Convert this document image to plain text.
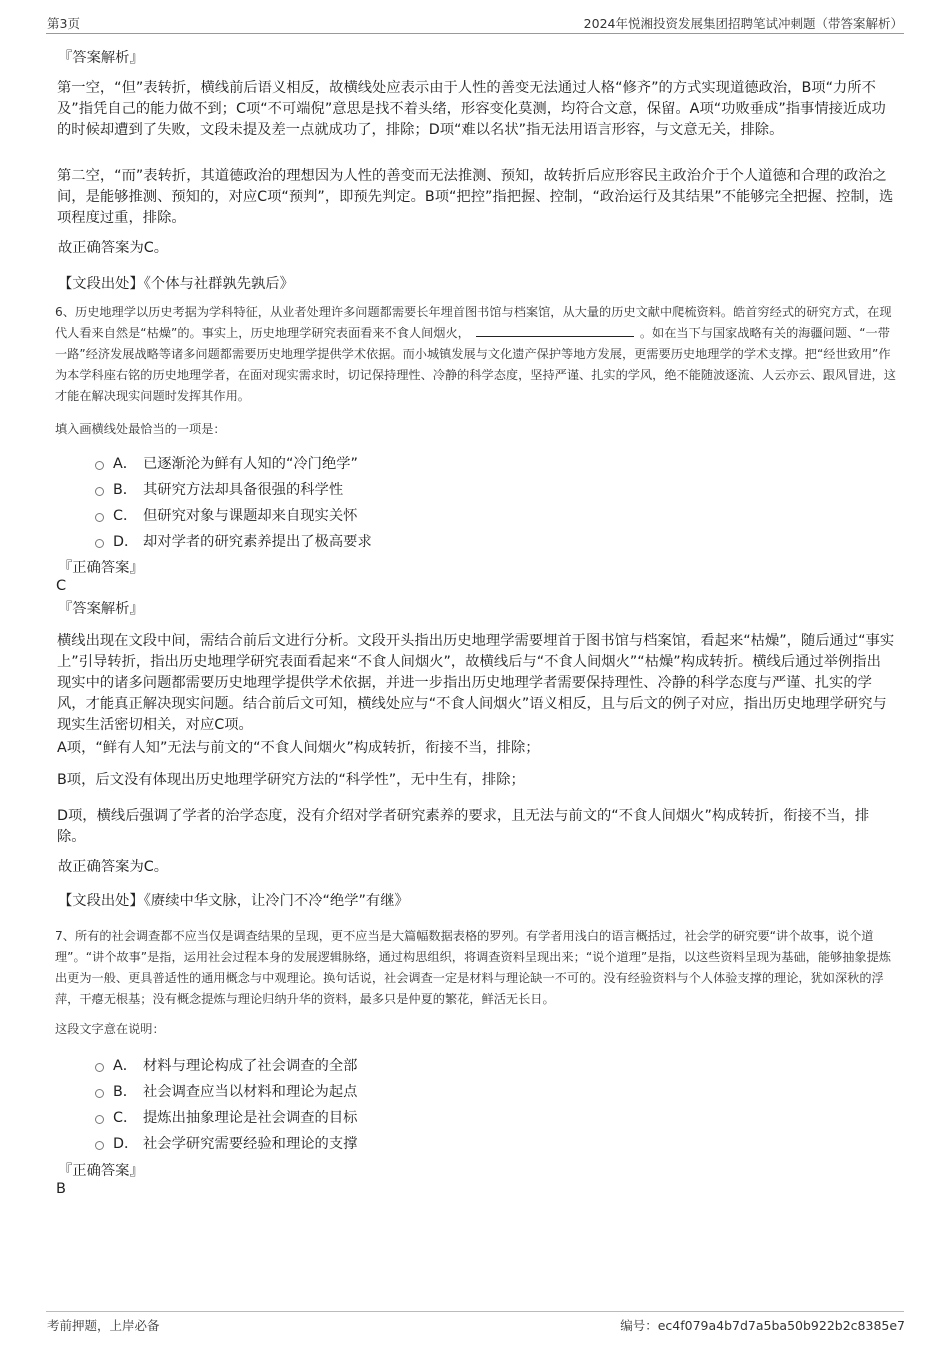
第3页	2024年悦湘投资发展集团招聘笔试冲刺题（带答案解析）
『答案解析』

第一空，“但”表转折，横线前后语义相反，故横线处应表示由于人性的善变无法通过人格“修齐”的方式实现道德政治，B项“力所不及”指凭自己的能力做不到；C项“不可端倪”意思是找不着头绪，形容变化莫测，均符合文意，保留。A项“功败垂成”指事情接近成功的时候却遭到了失败，文段未提及差一点就成功了，排除；D项“难以名状”指无法用语言形容，与文意无关，排除。

第二空，“而”表转折，其道德政治的理想因为人性的善变而无法推测、预知，故转折后应形容民主政治介于个人道德和合理的政治之间，是能够推测、预知的，对应C项“预判”，即预先判定。B项“把控”指把握、控制，“政治运行及其结果”不能够完全把握、控制，选项程度过重，排除。

故正确答案为C。
【文段出处】《个体与社群孰先孰后》

6、历史地理学以历史考据为学科特征，从业者处理许多问题都需要长年埋首图书馆与档案馆，从大量的历史文献中爬梳资料。皓首穷经式的研究方式，在现代人看来自然是“枯燥”的。事实上，历史地理学研究表面看来不食人间烟火，	。如在当下与国家战略有关的海疆问题、“一带一路”经济发展战略等诸多问题都需要历史地理学提供学术依据。而小城镇发展与文化遗产保护等地方发展，更需要历史地理学的学术支撑。把“经世致用”作为本学科座右铭的历史地理学者，在面对现实需求时，切记保持理性、冷静的科学态度，坚持严谨、扎实的学风，绝不能随波逐流、人云亦云、跟风冒进，这才能在解决现实问题时发挥其作用。

填入画横线处最恰当的一项是：
A． 已逐渐沦为鲜有人知的“冷门绝学”
B． 其研究方法却具备很强的科学性
C． 但研究对象与课题却来自现实关怀
D． 却对学者的研究素养提出了极高要求
『正确答案』
C
『答案解析』

横线出现在文段中间，需结合前后文进行分析。文段开头指出历史地理学需要埋首于图书馆与档案馆，看起来“枯燥”，随后通过“事实上”引导转折，指出历史地理学研究表面看起来“不食人间烟火”，故横线后与“不食人间烟火”“枯燥”构成转折。横线后通过举例指出现实中的诸多问题都需要历史地理学提供学术依据，并进一步指出历史地理学者需要保持理性、冷静的科学态度与严谨、扎实的学风，才能真正解决现实问题。结合前后文可知，横线处应与“不食人间烟火”语义相反，且与后文的例子对应，指出历史地理学研究与现实生活密切相关，对应C项。

A项，“鲜有人知”无法与前文的“不食人间烟火”构成转折，衔接不当，排除；

B项，后文没有体现出历史地理学研究方法的“科学性”，无中生有，排除；

D项，横线后强调了学者的治学态度，没有介绍对学者研究素养的要求，且无法与前文的“不食人间烟火”构成转折，衔接不当，排除。

故正确答案为C。
【文段出处】《赓续中华文脉，让冷门不冷“绝学”有继》

7、所有的社会调查都不应当仅是调查结果的呈现，更不应当是大篇幅数据表格的罗列。有学者用浅白的语言概括过，社会学的研究要“讲个故事，说个道理”。“讲个故事”是指，运用社会过程本身的发展逻辑脉络，通过构思组织，将调查资料呈现出来；“说个道理”是指，以这些资料呈现为基础，能够抽象提炼出更为一般、更具普适性的通用概念与中观理论。换句话说，社会调查一定是材料与理论缺一不可的。没有经验资料与个人体验支撑的理论，犹如深秋的浮萍，干瘪无根基；没有概念提炼与理论归纳升华的资料，最多只是仲夏的繁花，鲜活无长日。

这段文字意在说明：
A． 材料与理论构成了社会调查的全部
B． 社会调查应当以材料和理论为起点
C． 提炼出抽象理论是社会调查的目标
D． 社会学研究需要经验和理论的支撑
『正确答案』
B
考前押题，上岸必备	编号：ec4f079a4b7d7a5ba50b922b2c8385e7
